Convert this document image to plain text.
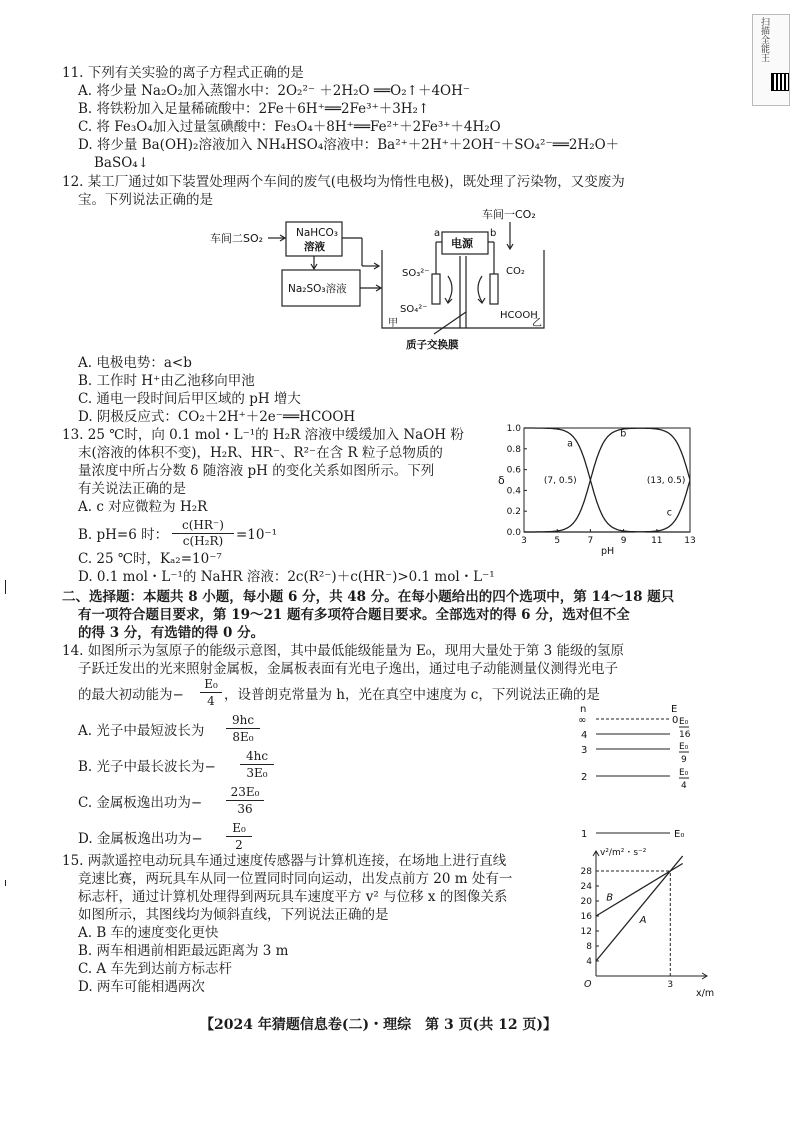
扫描全能王
11. 下列有关实验的离子方程式正确的是
A. 将少量 Na₂O₂加入蒸馏水中：2O₂²⁻ ＋2H₂O ══O₂↑＋4OH⁻
B. 将铁粉加入足量稀硫酸中：2Fe＋6H⁺══2Fe³⁺＋3H₂↑
C. 将 Fe₃O₄加入过量氢碘酸中：Fe₃O₄＋8H⁺══Fe²⁺＋2Fe³⁺＋4H₂O
D. 将少量 Ba(OH)₂溶液加入 NH₄HSO₄溶液中：Ba²⁺＋2H⁺＋2OH⁻＋SO₄²⁻══2H₂O＋
BaSO₄↓
12. 某工厂通过如下装置处理两个车间的废气(电极均为惰性电极)，既处理了污染物，又变废为
宝。下列说法正确的是
车间二SO₂	NaHCO₃
溶液
Na₂SO₃溶液
电源
a	b
车间一CO₂
SO₃²⁻
SO₄²⁻
CO₂
HCOOH
甲	乙
质子交换膜
A. 电极电势：a<b
B. 工作时 H⁺由乙池移向甲池
C. 通电一段时间后甲区域的 pH 增大
D. 阴极反应式：CO₂＋2H⁺＋2e⁻══HCOOH
13. 25 ℃时，向 0.1 mol・L⁻¹的 H₂R 溶液中缓缓加入 NaOH 粉
末(溶液的体积不变)，H₂R、HR⁻、R²⁻在含 R 粒子总物质的
量浓度中所占分数 δ 随溶液 pH 的变化关系如图所示。下列
有关说法正确的是
A. c 对应微粒为 H₂R
B. pH=6 时： $\frac{c(HR^-)}{\text{c(H₂R)}} =10^{-1}$
C. 25 ℃时，Kₐ₂=10⁻⁷
D. 0.1 mol・L⁻¹的 NaHR 溶液：2c(R²⁻)＋c(HR⁻)>0.1 mol・L⁻¹
3	5	7	9	11 13
0.0
0.2
0.4
0.6
0.8
1.0
pH
δ
a
b
c
(7, 0.5)	(13, 0.5)
二、选择题：本题共 8 小题，每小题 6 分，共 48 分。在每小题给出的四个选项中，第 14～18 题只
有一项符合题目要求，第 19～21 题有多项符合题目要求。全部选对的得 6 分，选对但不全
的得 3 分，有选错的得 0 分。
14. 如图所示为氢原子的能级示意图，其中最低能级能量为 E₀，现用大量处于第 3 能级的氢原
子跃迁发出的光来照射金属板，金属板表面有光电子逸出，通过电子动能测量仪测得光电子
的最大初动能为− $\frac{\text{E₀}}{4}$ ，设普朗克常量为 h，光在真空中速度为 c，下列说法正确的是
A. 光子中最短波长为 $\frac{9hc}{\text{8E₀}}$
B. 光子中最长波长为− $\frac{4hc}{\text{3E₀}}$
C. 金属板逸出功为− $\frac{\text{23E₀}}{36}$
D. 金属板逸出功为− $\frac{\text{E₀}}{2}$
n	E
∞	0
4
E₀
16
3	E₀
9
2	E₀
4
1	E₀
15. 两款遥控电动玩具车通过速度传感器与计算机连接，在场地上进行直线
竞速比赛，两玩具车从同一位置同时同向运动，出发点前方 20 m 处有一
标志杆，通过计算机处理得到两玩具车速度平方 v² 与位移 x 的图像关系
如图所示，其图线均为倾斜直线，下列说法正确的是
A. B 车的速度变化更快
B. 两车相遇前相距最远距离为 3 m
C. A 车先到达前方标志杆
D. 两车可能相遇两次
4
8
12
16
20
24
28
3
A
B
O
x/m
v²/m²・s⁻²
【2024 年猜题信息卷(二)・理综　第 3 页(共 12 页)】
